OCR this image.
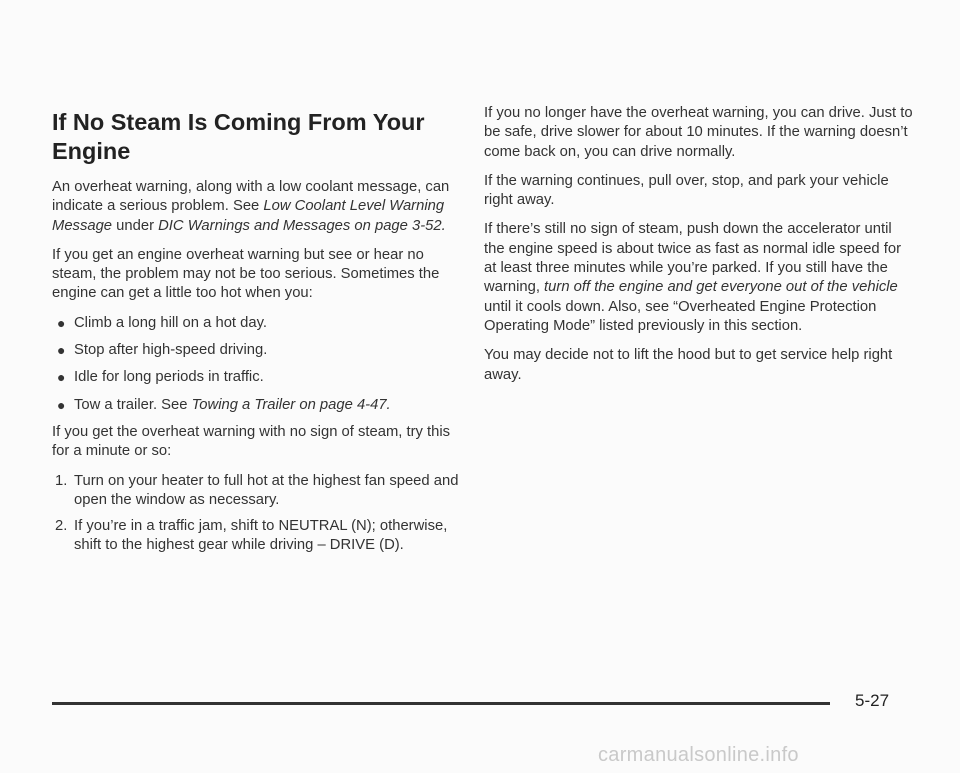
If No Steam Is Coming From Your Engine

An overheat warning, along with a low coolant message, can indicate a serious problem. See Low Coolant Level Warning Message under DIC Warnings and Messages on page 3-52.

If you get an engine overheat warning but see or hear no steam, the problem may not be too serious. Sometimes the engine can get a little too hot when you:

● Climb a long hill on a hot day.
● Stop after high-speed driving.
● Idle for long periods in traffic.
● Tow a trailer. See Towing a Trailer on page 4-47.

If you get the overheat warning with no sign of steam, try this for a minute or so:

1. Turn on your heater to full hot at the highest fan speed and open the window as necessary.
2. If you’re in a traffic jam, shift to NEUTRAL (N); otherwise, shift to the highest gear while driving – DRIVE (D).

If you no longer have the overheat warning, you can drive. Just to be safe, drive slower for about 10 minutes. If the warning doesn’t come back on, you can drive normally.

If the warning continues, pull over, stop, and park your vehicle right away.

If there’s still no sign of steam, push down the accelerator until the engine speed is about twice as fast as normal idle speed for at least three minutes while you’re parked. If you still have the warning, turn off the engine and get everyone out of the vehicle until it cools down. Also, see “Overheated Engine Protection Operating Mode” listed previously in this section.

You may decide not to lift the hood but to get service help right away.

5-27
carmanualsonline.info
